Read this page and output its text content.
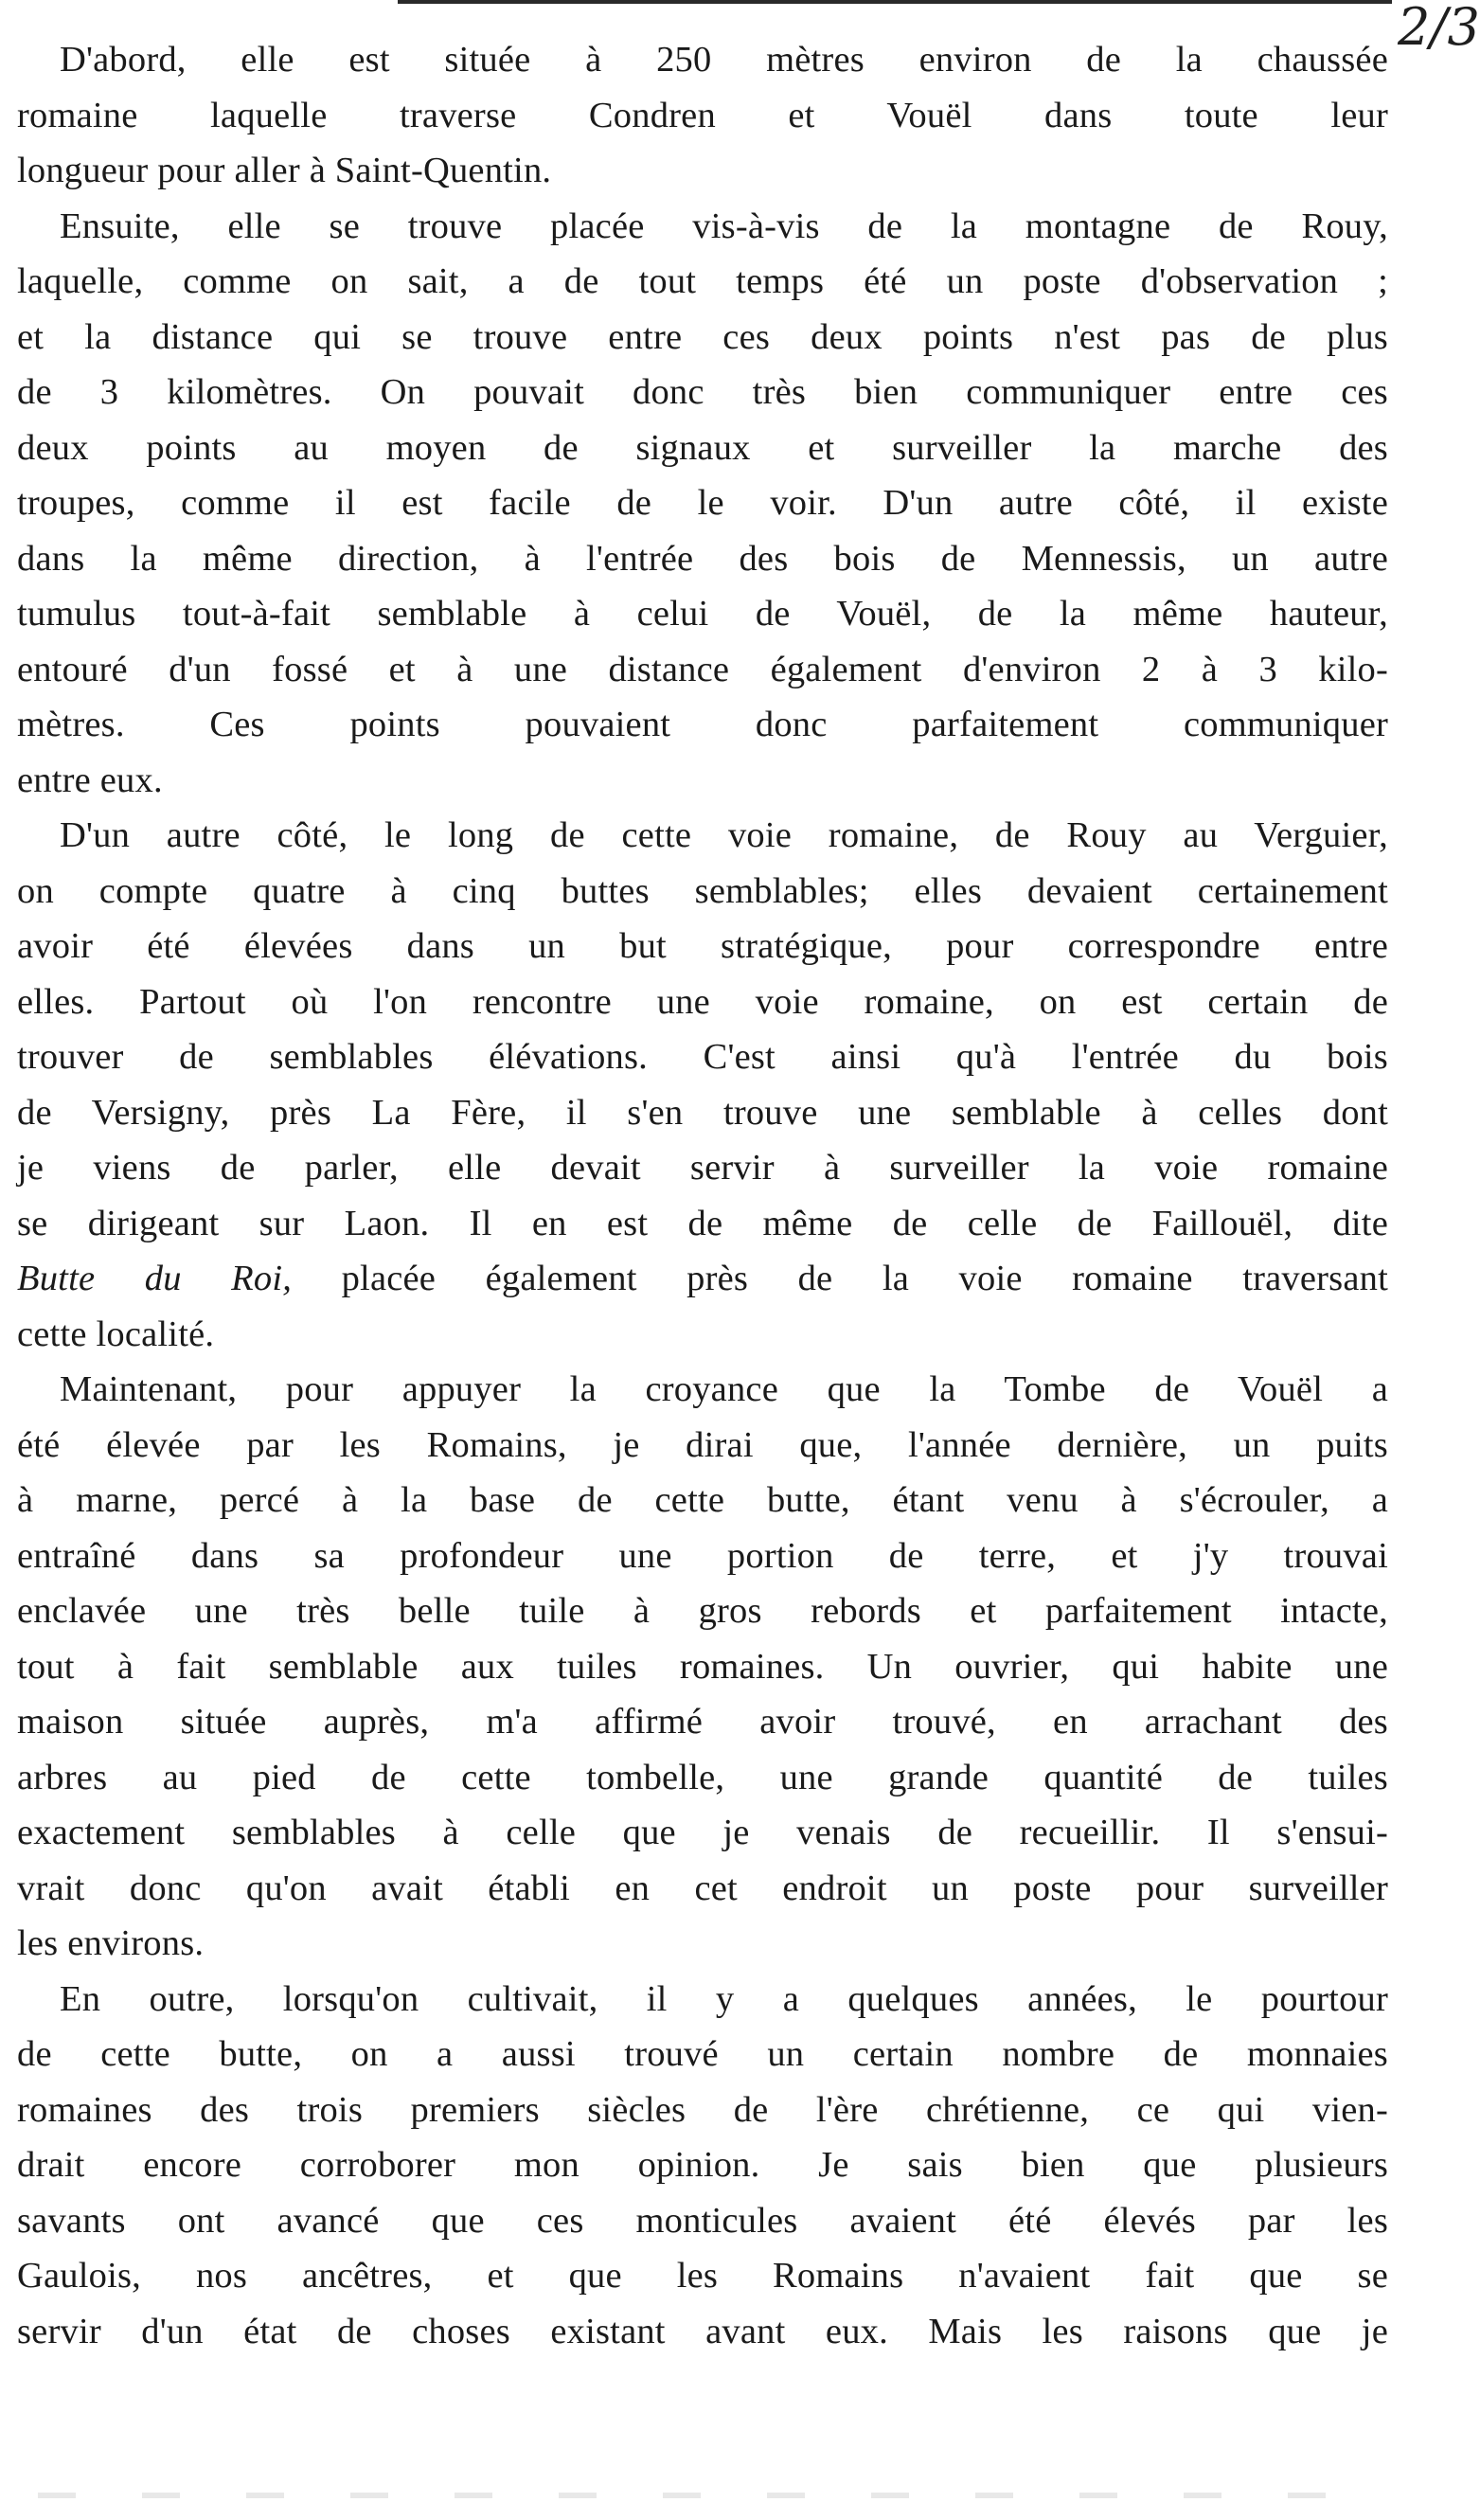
2/3
D'abord, elle est située à 250 mètres environ de la chaussée
romaine laquelle traverse Condren et Vouël dans toute leur
longueur pour aller à Saint-Quentin.
Ensuite, elle se trouve placée vis-à-vis de la montagne de Rouy,
laquelle, comme on sait, a de tout temps été un poste d'observation ;
et la distance qui se trouve entre ces deux points n'est pas de plus
de 3 kilomètres. On pouvait donc très bien communiquer entre ces
deux points au moyen de signaux et surveiller la marche des
troupes, comme il est facile de le voir. D'un autre côté, il existe
dans la même direction, à l'entrée des bois de Mennessis, un autre
tumulus tout-à-fait semblable à celui de Vouël, de la même hauteur,
entouré d'un fossé et à une distance également d'environ 2 à 3 kilo-
mètres. Ces points pouvaient donc parfaitement communiquer
entre eux.
D'un autre côté, le long de cette voie romaine, de Rouy au Verguier,
on compte quatre à cinq buttes semblables; elles devaient certainement
avoir été élevées dans un but stratégique, pour correspondre entre
elles. Partout où l'on rencontre une voie romaine, on est certain de
trouver de semblables élévations. C'est ainsi qu'à l'entrée du bois
de Versigny, près La Fère, il s'en trouve une semblable à celles dont
je viens de parler, elle devait servir à surveiller la voie romaine
se dirigeant sur Laon. Il en est de même de celle de Faillouël, dite
Butte du Roi, placée également près de la voie romaine traversant
cette localité.
Maintenant, pour appuyer la croyance que la Tombe de Vouël a
été élevée par les Romains, je dirai que, l'année dernière, un puits
à marne, percé à la base de cette butte, étant venu à s'écrouler, a
entraîné dans sa profondeur une portion de terre, et j'y trouvai
enclavée une très belle tuile à gros rebords et parfaitement intacte,
tout à fait semblable aux tuiles romaines. Un ouvrier, qui habite une
maison située auprès, m'a affirmé avoir trouvé, en arrachant des
arbres au pied de cette tombelle, une grande quantité de tuiles
exactement semblables à celle que je venais de recueillir. Il s'ensui-
vrait donc qu'on avait établi en cet endroit un poste pour surveiller
les environs.
En outre, lorsqu'on cultivait, il y a quelques années, le pourtour
de cette butte, on a aussi trouvé un certain nombre de monnaies
romaines des trois premiers siècles de l'ère chrétienne, ce qui vien-
drait encore corroborer mon opinion. Je sais bien que plusieurs
savants ont avancé que ces monticules avaient été élevés par les
Gaulois, nos ancêtres, et que les Romains n'avaient fait que se
servir d'un état de choses existant avant eux. Mais les raisons que je
